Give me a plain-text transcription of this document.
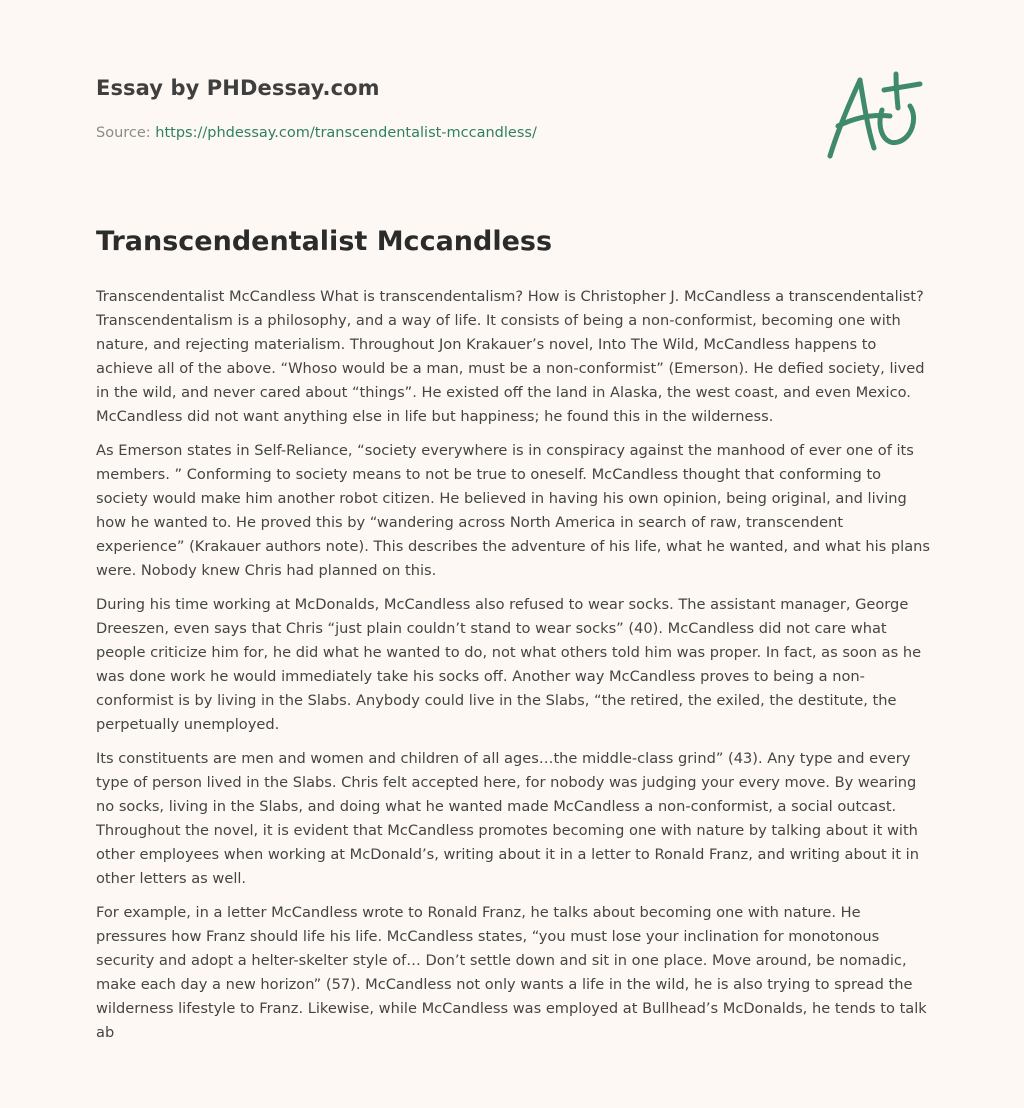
Essay by PHDessay.com
Source: https://phdessay.com/transcendentalist-mccandless/
Transcendentalist Mccandless

Transcendentalist McCandless What is transcendentalism? How is Christopher J. McCandless a transcendentalist? Transcendentalism is a philosophy, and a way of life. It consists of being a non-conformist, becoming one with nature, and rejecting materialism. Throughout Jon Krakauer’s novel, Into The Wild, McCandless happens to achieve all of the above. “Whoso would be a man, must be a non-conformist” (Emerson). He defied society, lived in the wild, and never cared about “things”. He existed off the land in Alaska, the west coast, and even Mexico. McCandless did not want anything else in life but happiness; he found this in the wilderness.

As Emerson states in Self-Reliance, “society everywhere is in conspiracy against the manhood of ever one of its members. ” Conforming to society means to not be true to oneself. McCandless thought that conforming to society would make him another robot citizen. He believed in having his own opinion, being original, and living how he wanted to. He proved this by “wandering across North America in search of raw, transcendent experience” (Krakauer authors note). This describes the adventure of his life, what he wanted, and what his plans were. Nobody knew Chris had planned on this.

During his time working at McDonalds, McCandless also refused to wear socks. The assistant manager, George Dreeszen, even says that Chris “just plain couldn’t stand to wear socks” (40). McCandless did not care what people criticize him for, he did what he wanted to do, not what others told him was proper. In fact, as soon as he was done work he would immediately take his socks off. Another way McCandless proves to being a non-conformist is by living in the Slabs. Anybody could live in the Slabs, “the retired, the exiled, the destitute, the perpetually unemployed.

Its constituents are men and women and children of all ages…the middle-class grind” (43). Any type and every type of person lived in the Slabs. Chris felt accepted here, for nobody was judging your every move. By wearing no socks, living in the Slabs, and doing what he wanted made McCandless a non-conformist, a social outcast. Throughout the novel, it is evident that McCandless promotes becoming one with nature by talking about it with other employees when working at McDonald’s, writing about it in a letter to Ronald Franz, and writing about it in other letters as well.

For example, in a letter McCandless wrote to Ronald Franz, he talks about becoming one with nature. He pressures how Franz should life his life. McCandless states, “you must lose your inclination for monotonous security and adopt a helter-skelter style of… Don’t settle down and sit in one place. Move around, be nomadic, make each day a new horizon” (57). McCandless not only wants a life in the wild, he is also trying to spread the wilderness lifestyle to Franz. Likewise, while McCandless was employed at Bullhead’s McDonalds, he tends to talk ab
